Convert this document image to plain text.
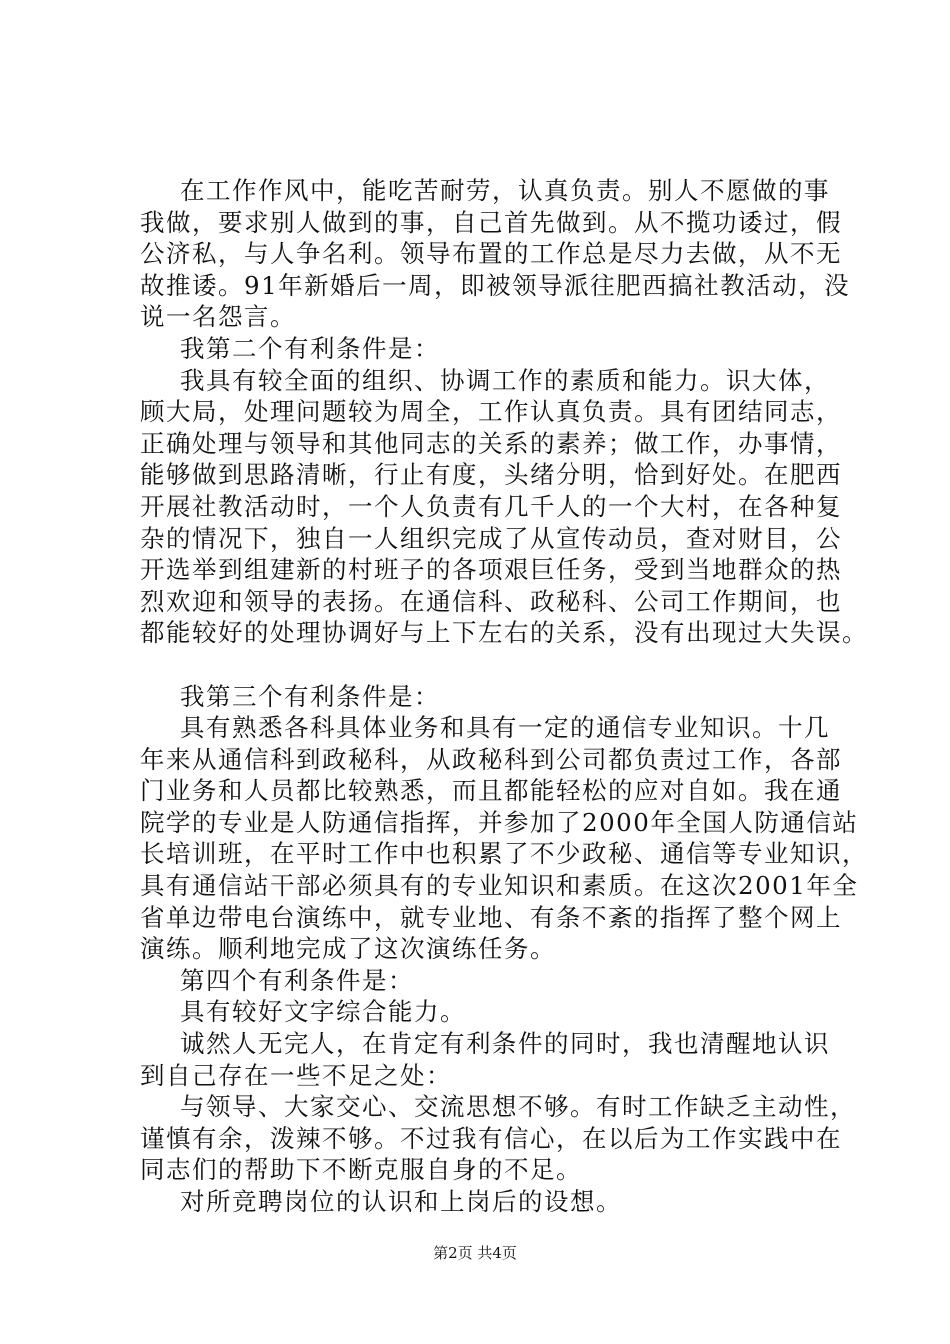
在工作作风中，能吃苦耐劳，认真负责。别人不愿做的事
我做，要求别人做到的事，自己首先做到。从不揽功诿过，假
公济私，与人争名利。领导布置的工作总是尽力去做，从不无
故推诿。91年新婚后一周，即被领导派往肥西搞社教活动，没
说一名怨言。
我第二个有利条件是：
我具有较全面的组织、协调工作的素质和能力。识大体，
顾大局，处理问题较为周全，工作认真负责。具有团结同志，
正确处理与领导和其他同志的关系的素养；做工作，办事情，
能够做到思路清晰，行止有度，头绪分明，恰到好处。在肥西
开展社教活动时，一个人负责有几千人的一个大村，在各种复
杂的情况下，独自一人组织完成了从宣传动员，查对财目，公
开选举到组建新的村班子的各项艰巨任务，受到当地群众的热
烈欢迎和领导的表扬。在通信科、政秘科、公司工作期间，也
都能较好的处理协调好与上下左右的关系，没有出现过大失误。
我第三个有利条件是：
具有熟悉各科具体业务和具有一定的通信专业知识。十几
年来从通信科到政秘科，从政秘科到公司都负责过工作，各部
门业务和人员都比较熟悉，而且都能轻松的应对自如。我在通
院学的专业是人防通信指挥，并参加了2000年全国人防通信站
长培训班，在平时工作中也积累了不少政秘、通信等专业知识，
具有通信站干部必须具有的专业知识和素质。在这次2001年全
省单边带电台演练中，就专业地、有条不紊的指挥了整个网上
演练。顺利地完成了这次演练任务。
第四个有利条件是：
具有较好文字综合能力。
诚然人无完人，在肯定有利条件的同时，我也清醒地认识
到自己存在一些不足之处：
与领导、大家交心、交流思想不够。有时工作缺乏主动性，
谨慎有余，泼辣不够。不过我有信心，在以后为工作实践中在
同志们的帮助下不断克服自身的不足。
对所竞聘岗位的认识和上岗后的设想。
第2页 共4页
